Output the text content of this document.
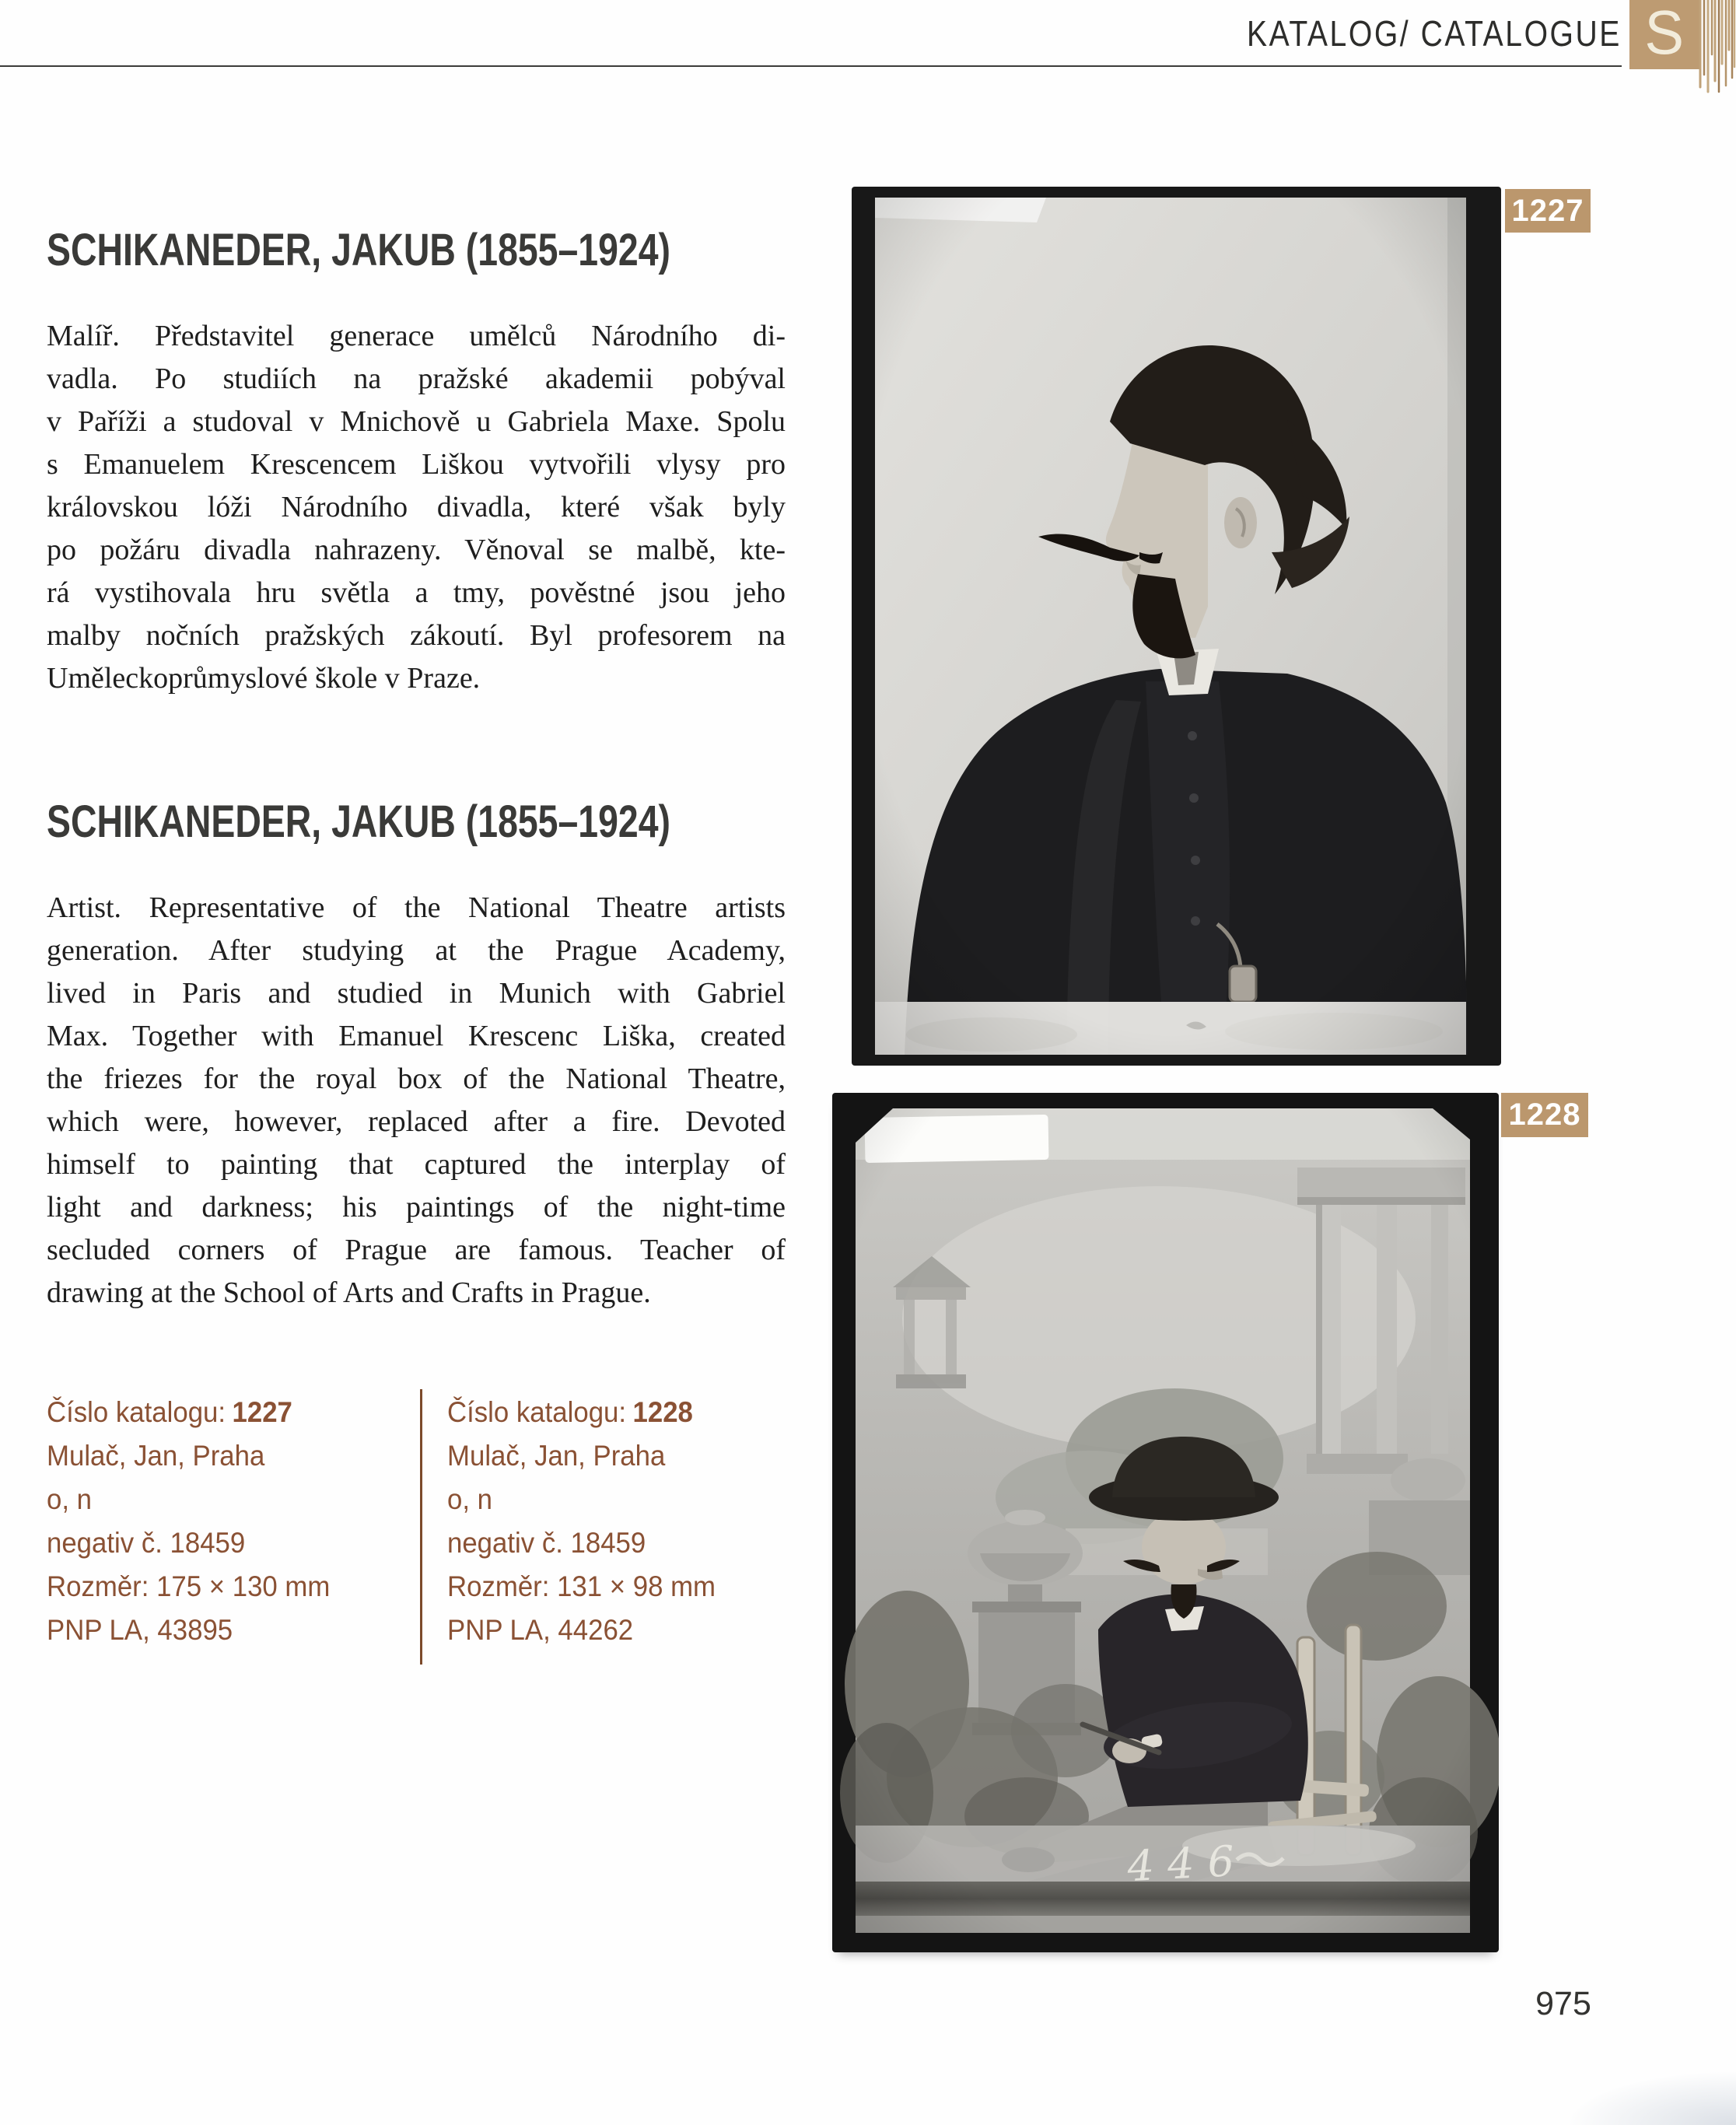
KATALOG/ CATALOGUE S
SCHIKANEDER, JAKUB (1855–1924)
Malíř. Představitel generace umělců Národního di-
vadla. Po studiích na pražské akademii pobýval
v Paříži a studoval v Mnichově u Gabriela Maxe. Spolu
s Emanuelem Krescencem Liškou vytvořili vlysy pro
královskou lóži Národního divadla, které však byly
po požáru divadla nahrazeny. Věnoval se malbě, kte-
rá vystihovala hru světla a tmy, pověstné jsou jeho
malby nočních pražských zákoutí. Byl profesorem na
Uměleckoprůmyslové škole v Praze.
SCHIKANEDER, JAKUB (1855–1924)
Artist. Representative of the National Theatre artists
generation. After studying at the Prague Academy,
lived in Paris and studied in Munich with Gabriel
Max. Together with Emanuel Krescenc Liška, created
the friezes for the royal box of the National Theatre,
which were, however, replaced after a fire. Devoted
himself to painting that captured the interplay of
light and darkness; his paintings of the night-time
secluded corners of Prague are famous. Teacher of
drawing at the School of Arts and Crafts in Prague.
Číslo katalogu: 1227
Mulač, Jan, Praha
o, n
negativ č. 18459
Rozměr: 175 × 130 mm
PNP LA, 43895
Číslo katalogu: 1228
Mulač, Jan, Praha
o, n
negativ č. 18459
Rozměr: 131 × 98 mm
PNP LA, 44262
1227
1228
975
